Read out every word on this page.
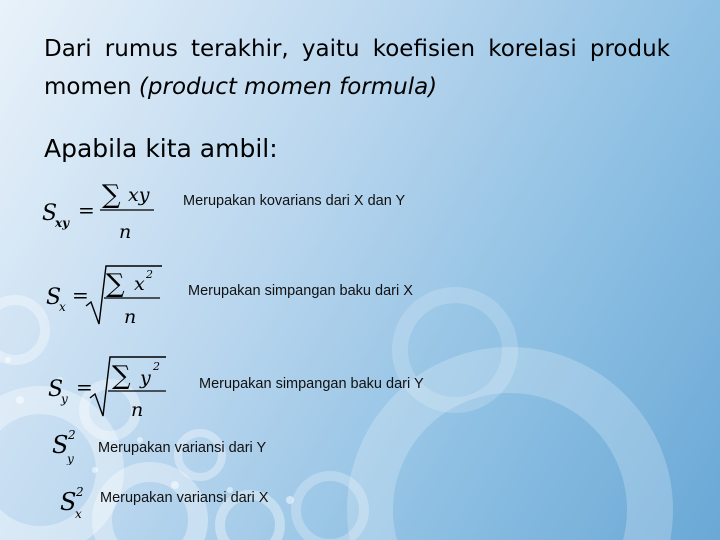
Dari rumus terakhir, yaitu koefisien korelasi produk momen (product momen formula)
Apabila kita ambil:
S
xy
= ∑ xy
n
Merupakan kovarians dari X dan Y
S
x = ∑ x 2
n
Merupakan simpangan baku dari X
S
y = ∑ y
2
n
Merupakan simpangan baku dari Y
S 2
y
Merupakan variansi dari Y
S 2
x
Merupakan variansi dari X
